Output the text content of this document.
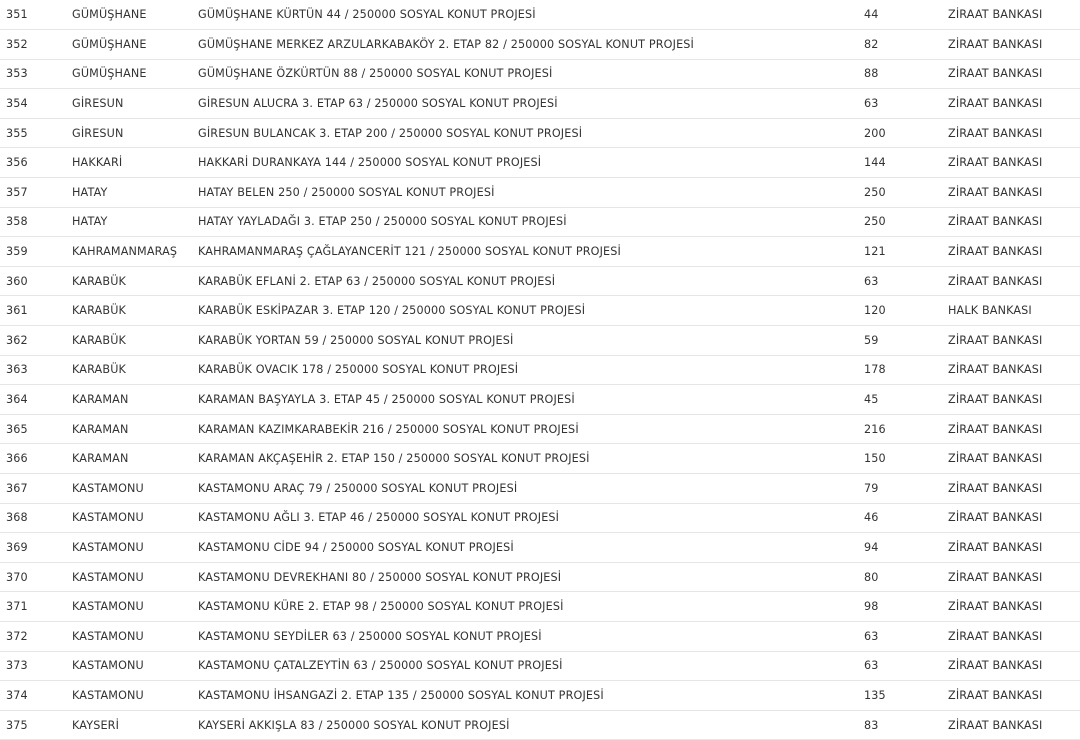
351	GÜMÜŞHANE	GÜMÜŞHANE KÜRTÜN 44 / 250000 SOSYAL KONUT PROJESİ	44	ZİRAAT BANKASI
352	GÜMÜŞHANE	GÜMÜŞHANE MERKEZ ARZULARKABAKÖY 2. ETAP 82 / 250000 SOSYAL KONUT PROJESİ	82	ZİRAAT BANKASI
353	GÜMÜŞHANE	GÜMÜŞHANE ÖZKÜRTÜN 88 / 250000 SOSYAL KONUT PROJESİ	88	ZİRAAT BANKASI
354	GİRESUN	GİRESUN ALUCRA 3. ETAP 63 / 250000 SOSYAL KONUT PROJESİ	63	ZİRAAT BANKASI
355	GİRESUN	GİRESUN BULANCAK 3. ETAP 200 / 250000 SOSYAL KONUT PROJESİ	200	ZİRAAT BANKASI
356	HAKKARİ	HAKKARİ DURANKAYA 144 / 250000 SOSYAL KONUT PROJESİ	144	ZİRAAT BANKASI
357	HATAY	HATAY BELEN 250 / 250000 SOSYAL KONUT PROJESİ	250	ZİRAAT BANKASI
358	HATAY	HATAY YAYLADAĞI 3. ETAP 250 / 250000 SOSYAL KONUT PROJESİ	250	ZİRAAT BANKASI
359	KAHRAMANMARAŞ	KAHRAMANMARAŞ ÇAĞLAYANCERİT 121 / 250000 SOSYAL KONUT PROJESİ	121	ZİRAAT BANKASI
360	KARABÜK	KARABÜK EFLANİ 2. ETAP 63 / 250000 SOSYAL KONUT PROJESİ	63	ZİRAAT BANKASI
361	KARABÜK	KARABÜK ESKİPAZAR 3. ETAP 120 / 250000 SOSYAL KONUT PROJESİ	120	HALK BANKASI
362	KARABÜK	KARABÜK YORTAN 59 / 250000 SOSYAL KONUT PROJESİ	59	ZİRAAT BANKASI
363	KARABÜK	KARABÜK OVACIK 178 / 250000 SOSYAL KONUT PROJESİ	178	ZİRAAT BANKASI
364	KARAMAN	KARAMAN BAŞYAYLA 3. ETAP 45 / 250000 SOSYAL KONUT PROJESİ	45	ZİRAAT BANKASI
365	KARAMAN	KARAMAN KAZIMKARABEKİR 216 / 250000 SOSYAL KONUT PROJESİ	216	ZİRAAT BANKASI
366	KARAMAN	KARAMAN AKÇAŞEHİR 2. ETAP 150 / 250000 SOSYAL KONUT PROJESİ	150	ZİRAAT BANKASI
367	KASTAMONU	KASTAMONU ARAÇ 79 / 250000 SOSYAL KONUT PROJESİ	79	ZİRAAT BANKASI
368	KASTAMONU	KASTAMONU AĞLI 3. ETAP 46 / 250000 SOSYAL KONUT PROJESİ	46	ZİRAAT BANKASI
369	KASTAMONU	KASTAMONU CİDE 94 / 250000 SOSYAL KONUT PROJESİ	94	ZİRAAT BANKASI
370	KASTAMONU	KASTAMONU DEVREKHANI 80 / 250000 SOSYAL KONUT PROJESİ	80	ZİRAAT BANKASI
371	KASTAMONU	KASTAMONU KÜRE 2. ETAP 98 / 250000 SOSYAL KONUT PROJESİ	98	ZİRAAT BANKASI
372	KASTAMONU	KASTAMONU SEYDİLER 63 / 250000 SOSYAL KONUT PROJESİ	63	ZİRAAT BANKASI
373	KASTAMONU	KASTAMONU ÇATALZEYTİN 63 / 250000 SOSYAL KONUT PROJESİ	63	ZİRAAT BANKASI
374	KASTAMONU	KASTAMONU İHSANGAZİ 2. ETAP 135 / 250000 SOSYAL KONUT PROJESİ	135	ZİRAAT BANKASI
375	KAYSERİ	KAYSERİ AKKIŞLA 83 / 250000 SOSYAL KONUT PROJESİ	83	ZİRAAT BANKASI
